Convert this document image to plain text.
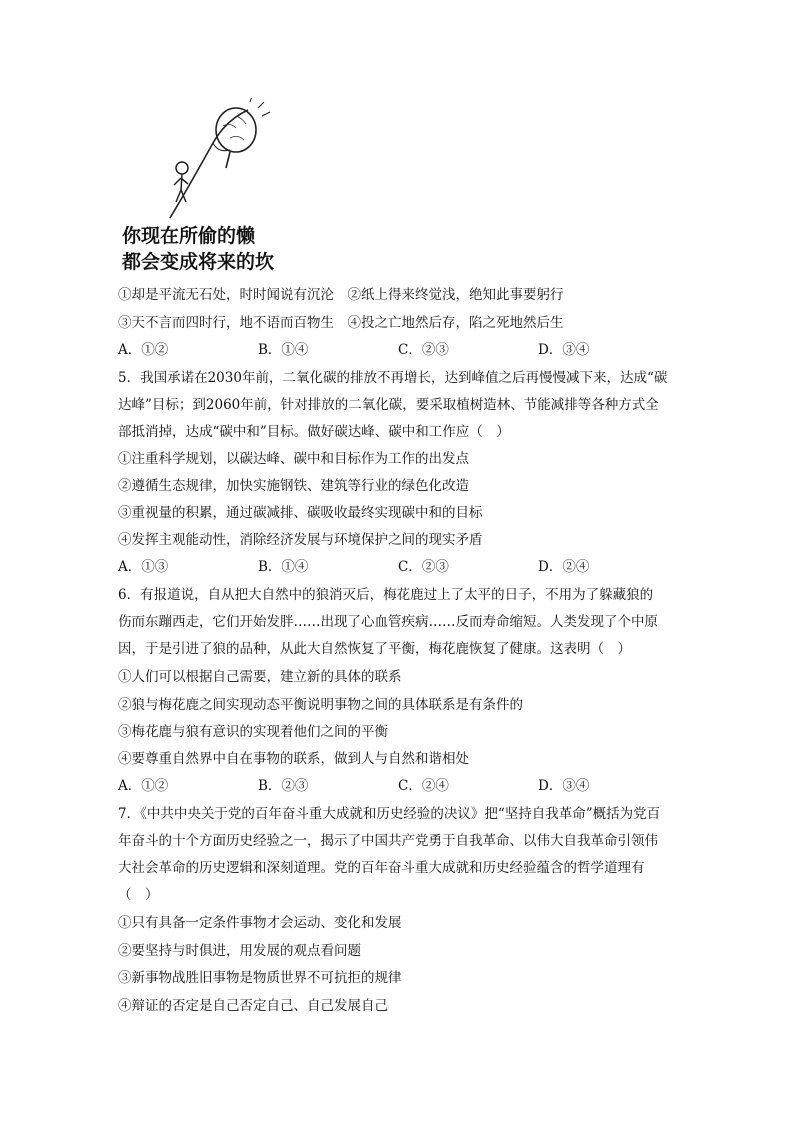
你现在所偷的懒
都会变成将来的坎
①却是平流无石处，时时闻说有沉沦　②纸上得来终觉浅，绝知此事要躬行
③天不言而四时行，地不语而百物生　④投之亡地然后存，陷之死地然后生
A．①②	B．①④	C．②③	D．③④
5．我国承诺在2030年前，二氧化碳的排放不再增长，达到峰值之后再慢慢减下来，达成“碳
达峰”目标；到2060年前，针对排放的二氧化碳，要采取植树造林、节能减排等各种方式全
部抵消掉，达成“碳中和”目标。做好碳达峰、碳中和工作应（　）
①注重科学规划，以碳达峰、碳中和目标作为工作的出发点
②遵循生态规律，加快实施钢铁、建筑等行业的绿色化改造
③重视量的积累，通过碳减排、碳吸收最终实现碳中和的目标
④发挥主观能动性，消除经济发展与环境保护之间的现实矛盾
A．①③	B．①④	C．②③	D．②④
6．有报道说，自从把大自然中的狼消灭后，梅花鹿过上了太平的日子，不用为了躲藏狼的
伤而东蹦西走，它们开始发胖……出现了心血管疾病……反而寿命缩短。人类发现了个中原
因，于是引进了狼的品种，从此大自然恢复了平衡，梅花鹿恢复了健康。这表明（　）
①人们可以根据自己需要，建立新的具体的联系
②狼与梅花鹿之间实现动态平衡说明事物之间的具体联系是有条件的
③梅花鹿与狼有意识的实现着他们之间的平衡
④要尊重自然界中自在事物的联系，做到人与自然和谐相处
A．①②	B．②③	C．②④	D．③④
7．《中共中央关于党的百年奋斗重大成就和历史经验的决议》把“坚持自我革命”概括为党百
年奋斗的十个方面历史经验之一，揭示了中国共产党勇于自我革命、以伟大自我革命引领伟
大社会革命的历史逻辑和深刻道理。党的百年奋斗重大成就和历史经验蕴含的哲学道理有
（　）
①只有具备一定条件事物才会运动、变化和发展
②要坚持与时俱进，用发展的观点看问题
③新事物战胜旧事物是物质世界不可抗拒的规律
④辩证的否定是自己否定自己、自己发展自己
